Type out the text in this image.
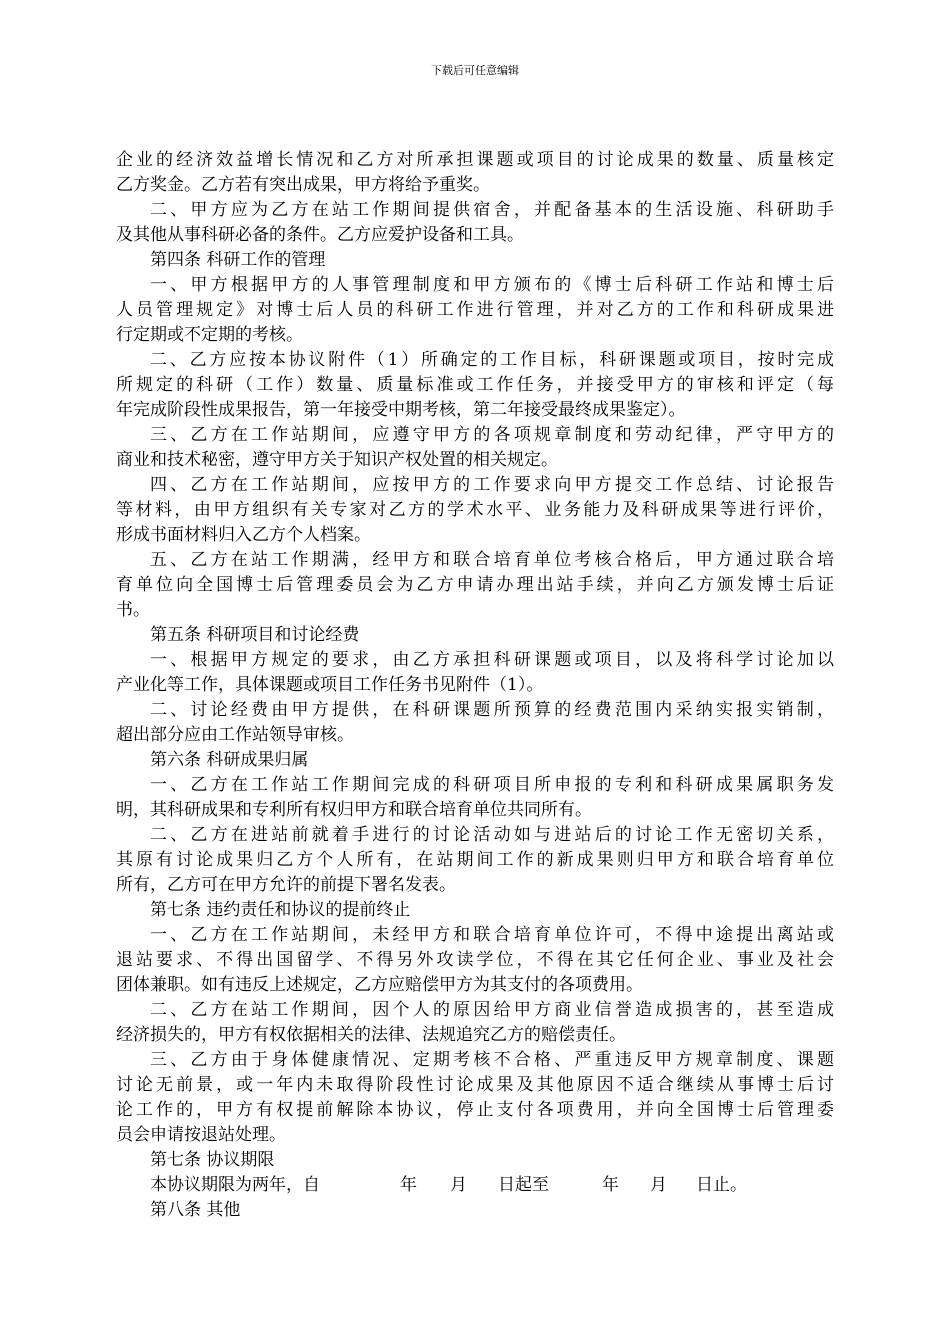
下载后可任意编辑
企业的经济效益增长情况和乙方对所承担课题或项目的讨论成果的数量、质量核定
乙方奖金。乙方若有突出成果，甲方将给予重奖。
二、甲方应为乙方在站工作期间提供宿舍，并配备基本的生活设施、科研助手
及其他从事科研必备的条件。乙方应爱护设备和工具。
第四条 科研工作的管理
一、甲方根据甲方的人事管理制度和甲方颁布的《博士后科研工作站和博士后
人员管理规定》对博士后人员的科研工作进行管理，并对乙方的工作和科研成果进
行定期或不定期的考核。
二、乙方应按本协议附件（1）所确定的工作目标，科研课题或项目，按时完成
所规定的科研（工作）数量、质量标准或工作任务，并接受甲方的审核和评定（每
年完成阶段性成果报告，第一年接受中期考核，第二年接受最终成果鉴定）。
三、乙方在工作站期间，应遵守甲方的各项规章制度和劳动纪律，严守甲方的
商业和技术秘密，遵守甲方关于知识产权处置的相关规定。
四、乙方在工作站期间，应按甲方的工作要求向甲方提交工作总结、讨论报告
等材料，由甲方组织有关专家对乙方的学术水平、业务能力及科研成果等进行评价，
形成书面材料归入乙方个人档案。
五、乙方在站工作期满，经甲方和联合培育单位考核合格后，甲方通过联合培
育单位向全国博士后管理委员会为乙方申请办理出站手续，并向乙方颁发博士后证
书。
第五条 科研项目和讨论经费
一、根据甲方规定的要求，由乙方承担科研课题或项目，以及将科学讨论加以
产业化等工作，具体课题或项目工作任务书见附件（1）。
二、讨论经费由甲方提供，在科研课题所预算的经费范围内采纳实报实销制，
超出部分应由工作站领导审核。
第六条 科研成果归属
一、乙方在工作站工作期间完成的科研项目所申报的专利和科研成果属职务发
明，其科研成果和专利所有权归甲方和联合培育单位共同所有。
二、乙方在进站前就着手进行的讨论活动如与进站后的讨论工作无密切关系，
其原有讨论成果归乙方个人所有，在站期间工作的新成果则归甲方和联合培育单位
所有，乙方可在甲方允许的前提下署名发表。
第七条 违约责任和协议的提前终止
一、乙方在工作站期间，未经甲方和联合培育单位许可，不得中途提出离站或
退站要求、不得出国留学、不得另外攻读学位，不得在其它任何企业、事业及社会
团体兼职。如有违反上述规定，乙方应赔偿甲方为其支付的各项费用。
二、乙方在站工作期间，因个人的原因给甲方商业信誉造成损害的，甚至造成
经济损失的，甲方有权依据相关的法律、法规追究乙方的赔偿责任。
三、乙方由于身体健康情况、定期考核不合格、严重违反甲方规章制度、课题
讨论无前景，或一年内未取得阶段性讨论成果及其他原因不适合继续从事博士后讨
论工作的，甲方有权提前解除本协议，停止支付各项费用，并向全国博士后管理委
员会申请按退站处理。
第七条 协议期限
本协议期限为两年，自	年 月 日起至	年 月 日止。
第八条 其他
